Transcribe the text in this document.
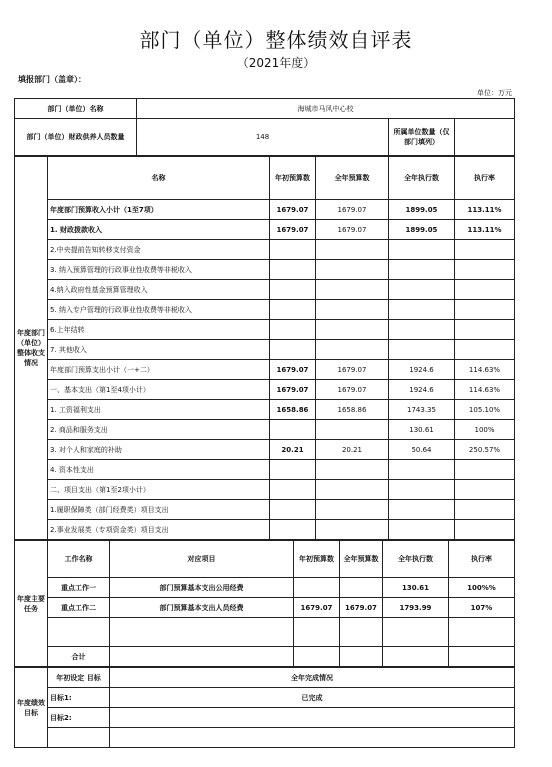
部门（单位）整体绩效自评表
（2021年度）
填报部门（盖章）：
单位：万元
部门（单位）名称	海城市马风中心校		
部门（单位）财政供养人员数量	148	所属单位数量（仅部门填列）	
年度部门（单位）整体收支情况	名称	年初预算数	全年预算数	全年执行数	执行率
	年度部门预算收入小计（1至7项）	1679.07	1679.07	1899.05	113.11%
	1. 财政拨款收入	1679.07	1679.07	1899.05	113.11%
	2.中央提前告知转移支付资金				
	3. 纳入预算管理的行政事业性收费等非税收入				
	4.纳入政府性基金预算管理收入				
	5. 纳入专户管理的行政事业性收费等非税收入				
	6.上年结转				
	7. 其他收入				
	年度部门预算支出小计（一+二）	1679.07	1679.07	1924.6	114.63%
	一、基本支出（第1至4项小计）	1679.07	1679.07	1924.6	114.63%
	1. 工资福利支出	1658.86	1658.86	1743.35	105.10%
	2. 商品和服务支出			130.61	100%
	3. 对个人和家庭的补助	20.21	20.21	50.64	250.57%
	4. 资本性支出				
	二、项目支出（第1至2项小计）				
	1.履职保障类（部门经费类）项目支出				
	2.事业发展类（专项资金类）项目支出				
年度主要任务	工作名称	对应项目	年初预算数	全年预算数	全年执行数	执行率
	重点工作一	部门预算基本支出公用经费			130.61	100%%
	重点工作二	部门预算基本支出人员经费	1679.07	1679.07	1793.99	107%

	合计					
年度绩效目标	年初设定 目标	全年完成情况
	目标1:	已完成
	目标2:	
